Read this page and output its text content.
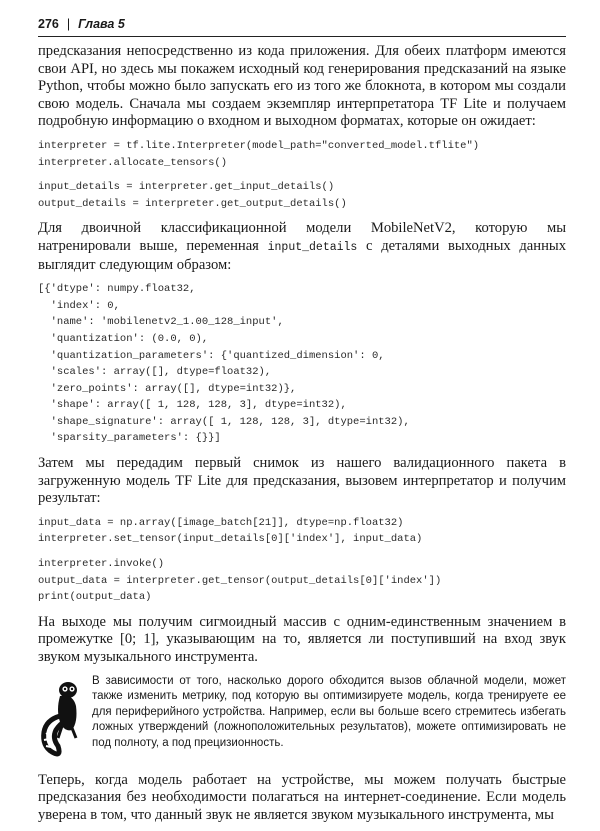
276 | Глава 5

предсказания непосредственно из кода приложения. Для обеих платформ имеются свои API, но здесь мы покажем исходный код генерирования предсказаний на языке Python, чтобы можно было запускать его из того же блокнота, в котором мы создали свою модель. Сначала мы создаем экземпляр интерпретатора TF Lite и получаем подробную информацию о входном и выходном форматах, которые он ожидает:

interpreter = tf.lite.Interpreter(model_path="converted_model.tflite")
interpreter.allocate_tensors()
input_details = interpreter.get_input_details()
output_details = interpreter.get_output_details()

Для двоичной классификационной модели MobileNetV2, которую мы натренировали выше, переменная input_details с деталями выходных данных выглядит следующим образом:

[{'dtype': numpy.float32,
'index': 0,
'name': 'mobilenetv2_1.00_128_input',
'quantization': (0.0, 0),
'quantization_parameters': {'quantized_dimension': 0,
'scales': array([], dtype=float32),
'zero_points': array([], dtype=int32)},
'shape': array([ 1, 128, 128, 3], dtype=int32),
'shape_signature': array([ 1, 128, 128, 3], dtype=int32),
'sparsity_parameters': {}}]

Затем мы передадим первый снимок из нашего валидационного пакета в загруженную модель TF Lite для предсказания, вызовем интерпретатор и получим результат:

input_data = np.array([image_batch[21]], dtype=np.float32)
interpreter.set_tensor(input_details[0]['index'], input_data)
interpreter.invoke()
output_data = interpreter.get_tensor(output_details[0]['index'])
print(output_data)

На выходе мы получим сигмоидный массив с одним-единственным значением в промежутке [0; 1], указывающим на то, является ли поступивший на вход звук звуком музыкального инструмента.

В зависимости от того, насколько дорого обходится вызов облачной модели, может также изменить метрику, под которую вы оптимизируете модель, когда тренируете ее для периферийного устройства. Например, если вы больше всего стремитесь избегать ложных утверждений (ложноположительных результатов), можете оптимизировать не под полноту, а под прецизионность.

Теперь, когда модель работает на устройстве, мы можем получать быстрые предсказания без необходимости полагаться на интернет-соединение. Если модель уверена в том, что данный звук не является звуком музыкального инструмента, мы
